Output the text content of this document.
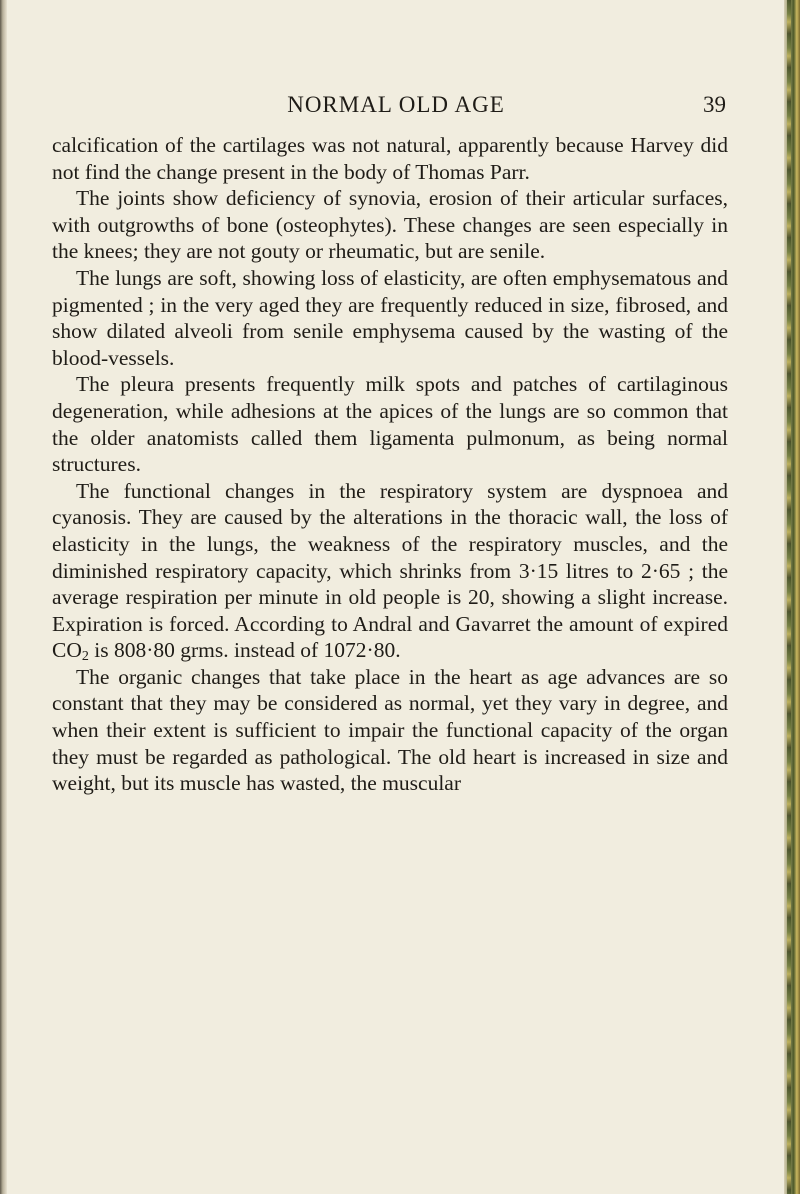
NORMAL OLD AGE	39

calcification of the cartilages was not natural, apparently because Harvey did not find the change present in the body of Thomas Parr.

The joints show deficiency of synovia, erosion of their articular surfaces, with outgrowths of bone (osteophytes). These changes are seen especially in the knees; they are not gouty or rheumatic, but are senile.

The lungs are soft, showing loss of elasticity, are often emphysematous and pigmented ; in the very aged they are frequently reduced in size, fibrosed, and show dilated alveoli from senile emphysema caused by the wasting of the blood-vessels.

The pleura presents frequently milk spots and patches of cartilaginous degeneration, while adhesions at the apices of the lungs are so common that the older anatomists called them ligamenta pulmonum, as being normal structures.

The functional changes in the respiratory system are dyspnoea and cyanosis. They are caused by the alterations in the thoracic wall, the loss of elasticity in the lungs, the weakness of the respiratory muscles, and the diminished respiratory capacity, which shrinks from 3·15 litres to 2·65 ; the average respiration per minute in old people is 20, showing a slight increase. Expiration is forced. According to Andral and Gavarret the amount of expired $CO_2$ is 808·80 grms. instead of 1072·80.

The organic changes that take place in the heart as age advances are so constant that they may be considered as normal, yet they vary in degree, and when their extent is sufficient to impair the functional capacity of the organ they must be regarded as pathological. The old heart is increased in size and weight, but its muscle has wasted, the muscular
